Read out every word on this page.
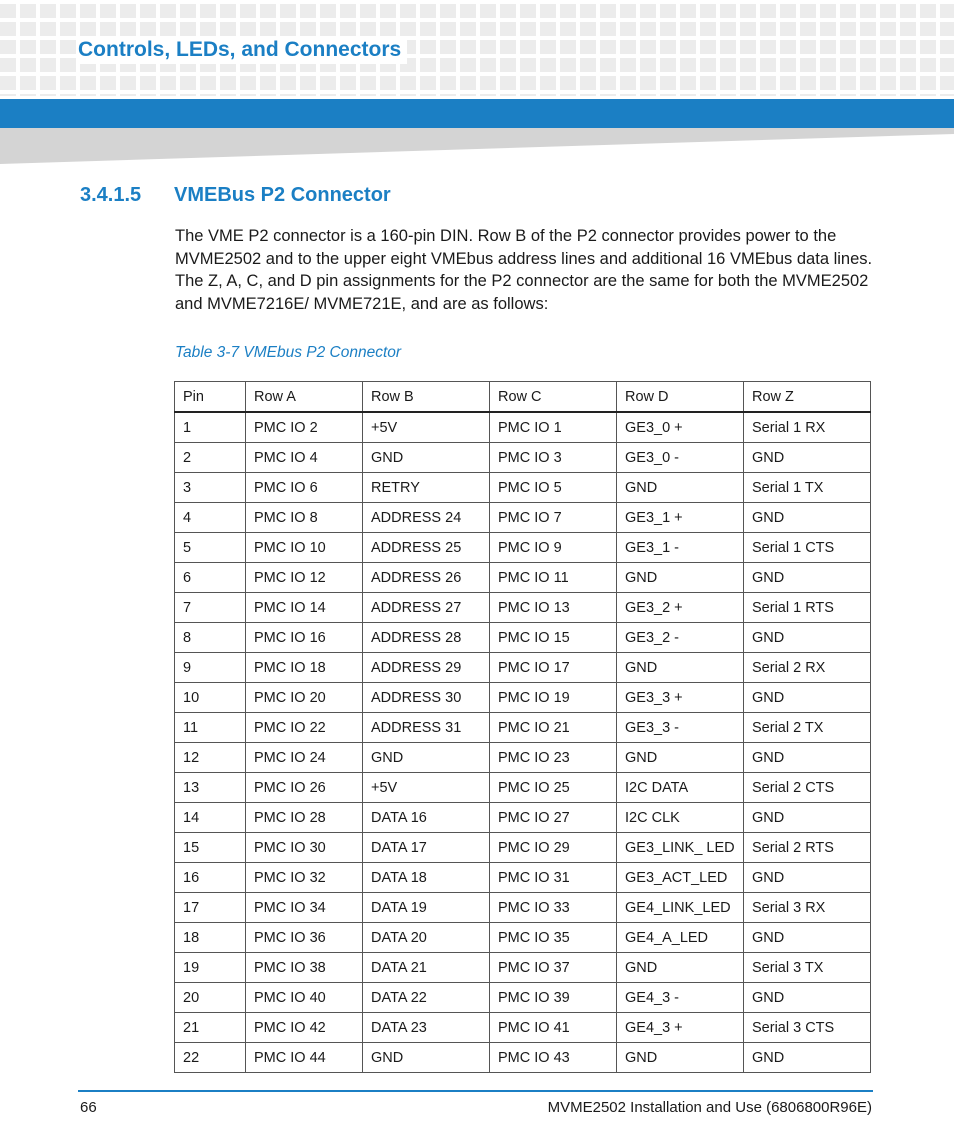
Controls, LEDs, and Connectors
3.4.1.5 VMEBus P2 Connector

The VME P2 connector is a 160-pin DIN. Row B of the P2 connector provides power to the MVME2502 and to the upper eight VMEbus address lines and additional 16 VMEbus data lines. The Z, A, C, and D pin assignments for the P2 connector are the same for both the MVME2502 and MVME7216E/ MVME721E, and are as follows:

Table 3-7 VMEbus P2 Connector

Pin	Row A	Row B	Row C	Row D	Row Z
1	PMC IO 2	+5V	PMC IO 1	GE3_0 +	Serial 1 RX
2	PMC IO 4	GND	PMC IO 3	GE3_0 -	GND
3	PMC IO 6	RETRY	PMC IO 5	GND	Serial 1 TX
4	PMC IO 8	ADDRESS 24	PMC IO 7	GE3_1 +	GND
5	PMC IO 10	ADDRESS 25	PMC IO 9	GE3_1 -	Serial 1 CTS
6	PMC IO 12	ADDRESS 26	PMC IO 11	GND	GND
7	PMC IO 14	ADDRESS 27	PMC IO 13	GE3_2 +	Serial 1 RTS
8	PMC IO 16	ADDRESS 28	PMC IO 15	GE3_2 -	GND
9	PMC IO 18	ADDRESS 29	PMC IO 17	GND	Serial 2 RX
10	PMC IO 20	ADDRESS 30	PMC IO 19	GE3_3 +	GND
11	PMC IO 22	ADDRESS 31	PMC IO 21	GE3_3 -	Serial 2 TX
12	PMC IO 24	GND	PMC IO 23	GND	GND
13	PMC IO 26	+5V	PMC IO 25	I2C DATA	Serial 2 CTS
14	PMC IO 28	DATA 16	PMC IO 27	I2C CLK	GND
15	PMC IO 30	DATA 17	PMC IO 29	GE3_LINK_ LED	Serial 2 RTS
16	PMC IO 32	DATA 18	PMC IO 31	GE3_ACT_LED	GND
17	PMC IO 34	DATA 19	PMC IO 33	GE4_LINK_LED	Serial 3 RX
18	PMC IO 36	DATA 20	PMC IO 35	GE4_A_LED	GND
19	PMC IO 38	DATA 21	PMC IO 37	GND	Serial 3 TX
20	PMC IO 40	DATA 22	PMC IO 39	GE4_3 -	GND
21	PMC IO 42	DATA 23	PMC IO 41	GE4_3 +	Serial 3 CTS
22	PMC IO 44	GND	PMC IO 43	GND	GND
66	MVME2502 Installation and Use (6806800R96E)
